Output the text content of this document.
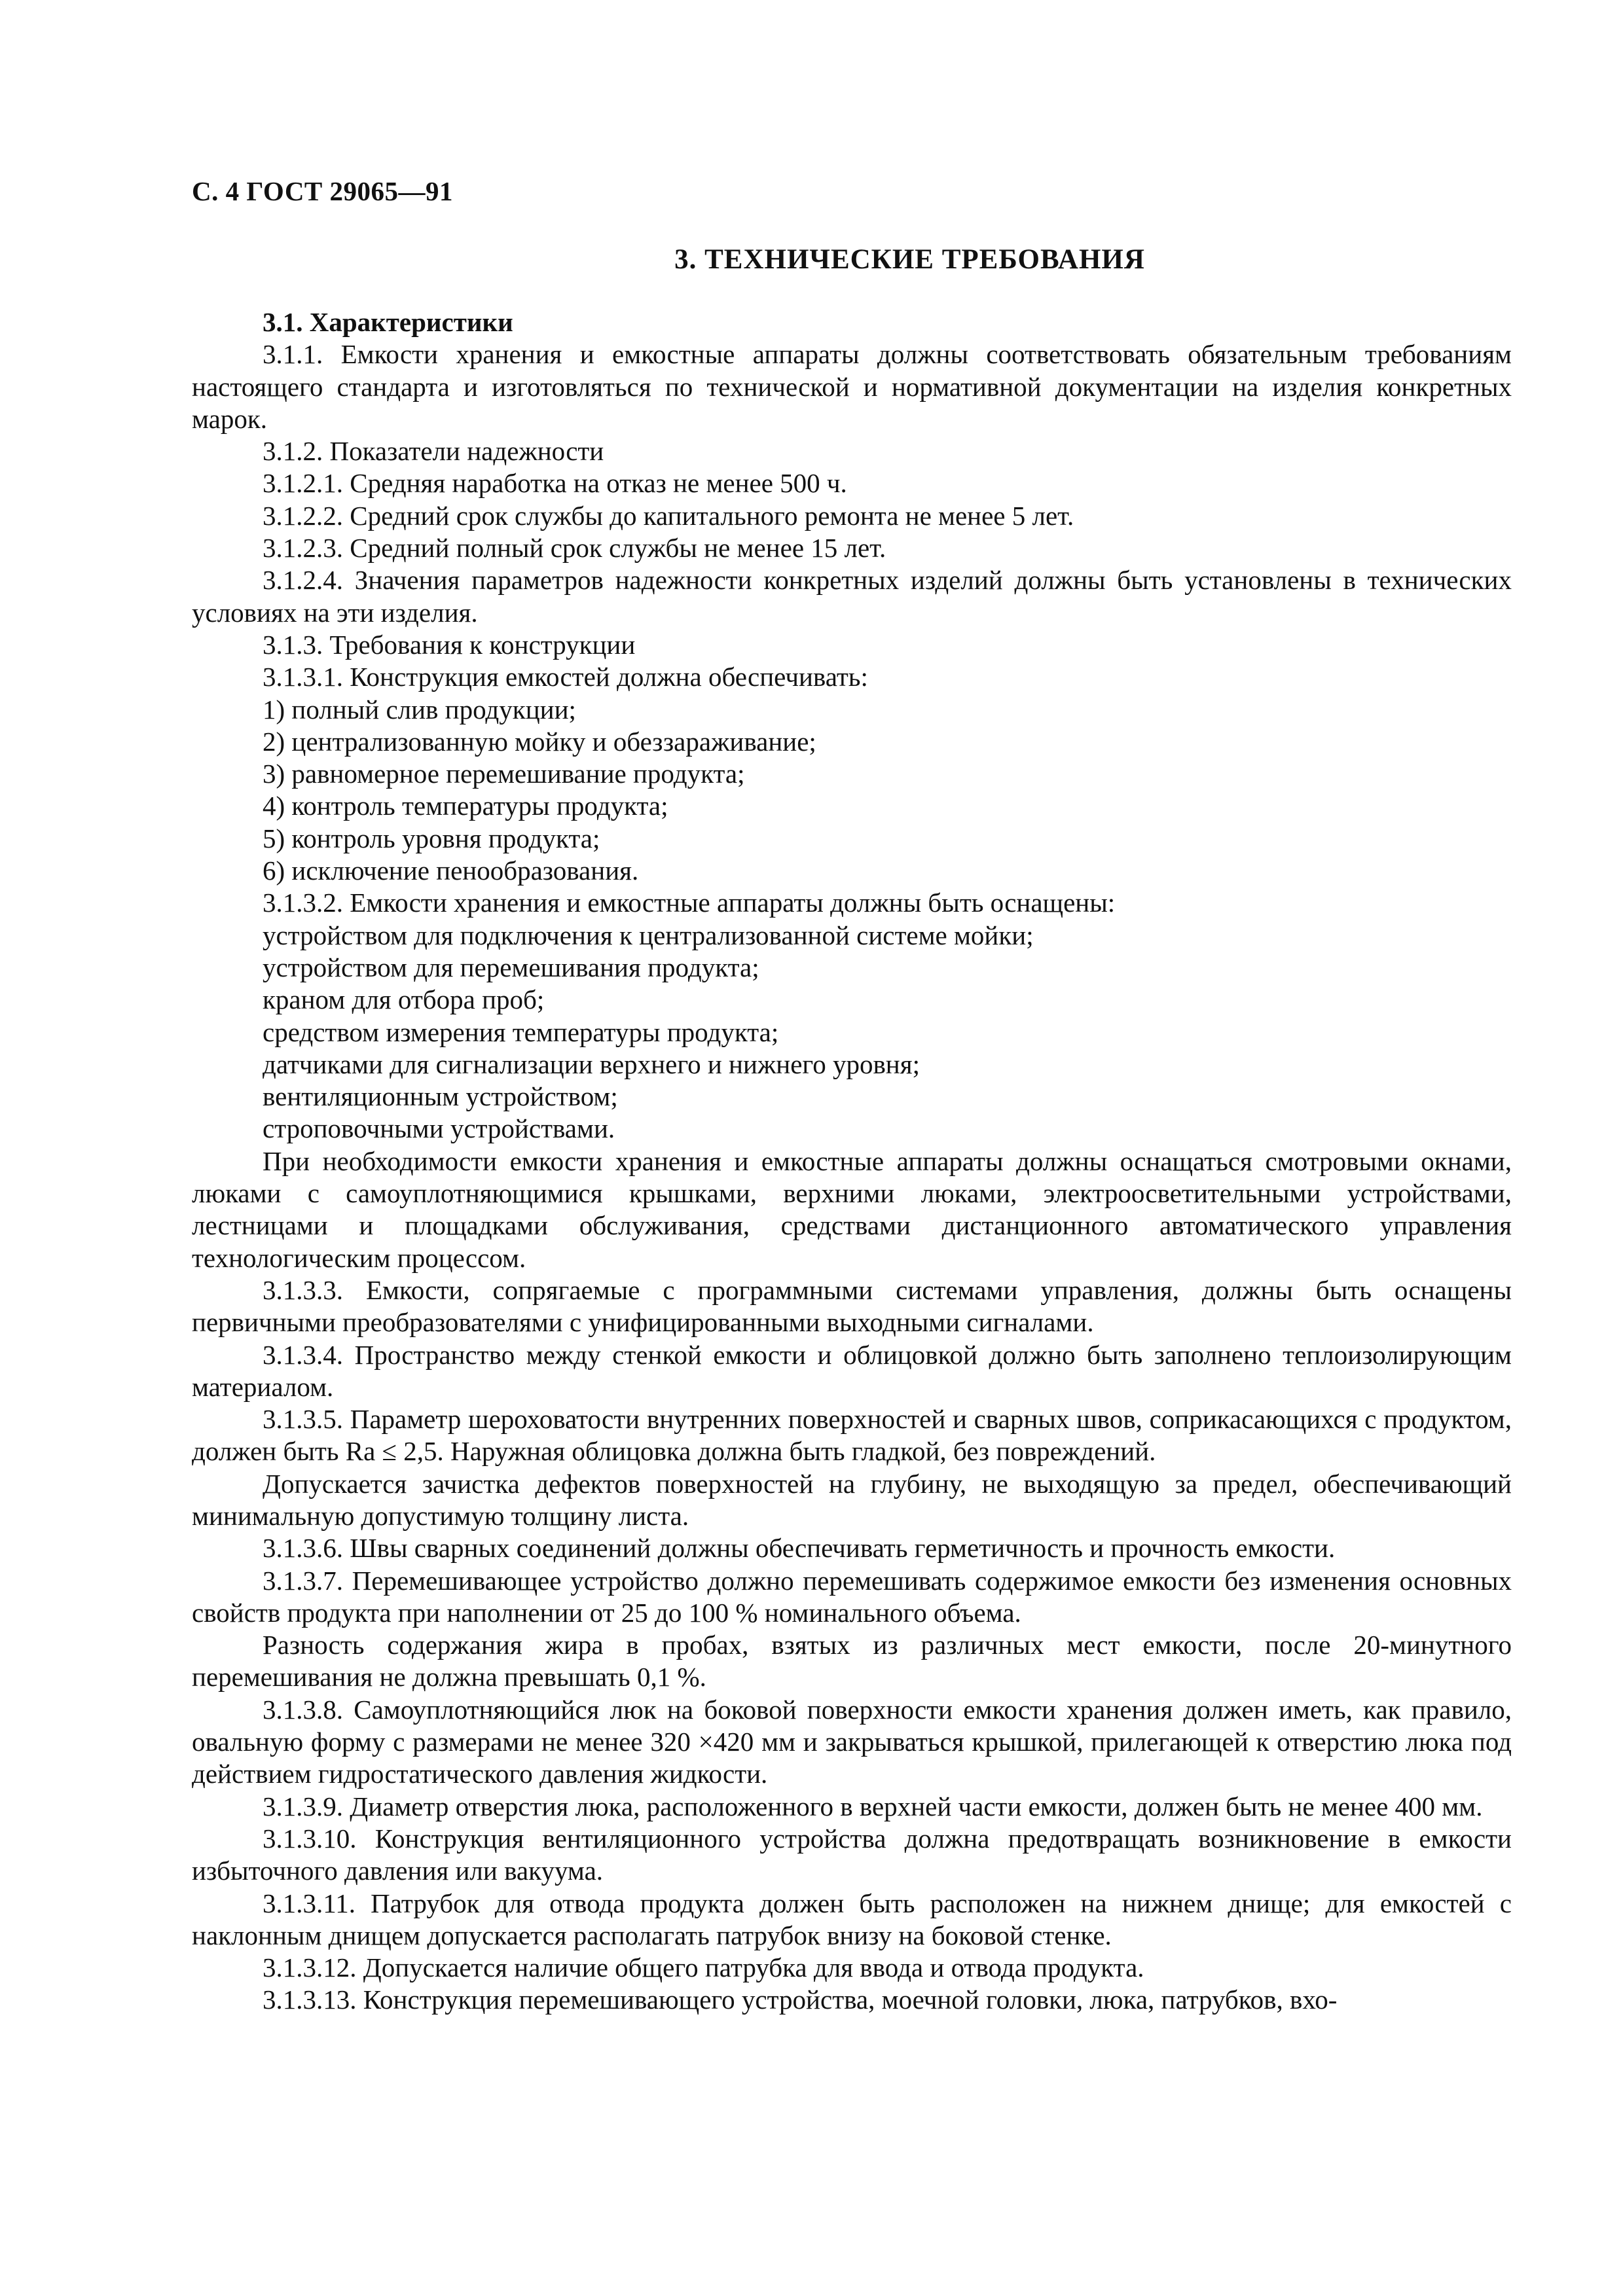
С. 4 ГОСТ 29065—91
3. ТЕХНИЧЕСКИЕ ТРЕБОВАНИЯ

3.1. Характеристики

3.1.1. Емкости хранения и емкостные аппараты должны соответствовать обязательным требованиям настоящего стандарта и изготовляться по технической и нормативной документации на изделия конкретных марок.

3.1.2. Показатели надежности

3.1.2.1. Средняя наработка на отказ не менее 500 ч.

3.1.2.2. Средний срок службы до капитального ремонта не менее 5 лет.

3.1.2.3. Средний полный срок службы не менее 15 лет.

3.1.2.4. Значения параметров надежности конкретных изделий должны быть установлены в технических условиях на эти изделия.

3.1.3. Требования к конструкции

3.1.3.1. Конструкция емкостей должна обеспечивать:

1) полный слив продукции;

2) централизованную мойку и обеззараживание;

3) равномерное перемешивание продукта;

4) контроль температуры продукта;

5) контроль уровня продукта;

6) исключение пенообразования.

3.1.3.2. Емкости хранения и емкостные аппараты должны быть оснащены:

устройством для подключения к централизованной системе мойки;

устройством для перемешивания продукта;

краном для отбора проб;

средством измерения температуры продукта;

датчиками для сигнализации верхнего и нижнего уровня;

вентиляционным устройством;

строповочными устройствами.

При необходимости емкости хранения и емкостные аппараты должны оснащаться смотровыми окнами, люками с самоуплотняющимися крышками, верхними люками, электроосветительными устройствами, лестницами и площадками обслуживания, средствами дистанционного автоматического управления технологическим процессом.

3.1.3.3. Емкости, сопрягаемые с программными системами управления, должны быть оснащены первичными преобразователями с унифицированными выходными сигналами.

3.1.3.4. Пространство между стенкой емкости и облицовкой должно быть заполнено теплоизолирующим материалом.

3.1.3.5. Параметр шероховатости внутренних поверхностей и сварных швов, соприкасающихся с продуктом, должен быть Ra ≤ 2,5. Наружная облицовка должна быть гладкой, без повреждений.

Допускается зачистка дефектов поверхностей на глубину, не выходящую за предел, обеспечивающий минимальную допустимую толщину листа.

3.1.3.6. Швы сварных соединений должны обеспечивать герметичность и прочность емкости.

3.1.3.7. Перемешивающее устройство должно перемешивать содержимое емкости без изменения основных свойств продукта при наполнении от 25 до 100 % номинального объема.

Разность содержания жира в пробах, взятых из различных мест емкости, после 20-минутного перемешивания не должна превышать 0,1 %.

3.1.3.8. Самоуплотняющийся люк на боковой поверхности емкости хранения должен иметь, как правило, овальную форму с размерами не менее 320 ×420 мм и закрываться крышкой, прилегающей к отверстию люка под действием гидростатического давления жидкости.

3.1.3.9. Диаметр отверстия люка, расположенного в верхней части емкости, должен быть не менее 400 мм.

3.1.3.10. Конструкция вентиляционного устройства должна предотвращать возникновение в емкости избыточного давления или вакуума.

3.1.3.11. Патрубок для отвода продукта должен быть расположен на нижнем днище; для емкостей с наклонным днищем допускается располагать патрубок внизу на боковой стенке.

3.1.3.12. Допускается наличие общего патрубка для ввода и отвода продукта.

3.1.3.13. Конструкция перемешивающего устройства, моечной головки, люка, патрубков, вхо-
